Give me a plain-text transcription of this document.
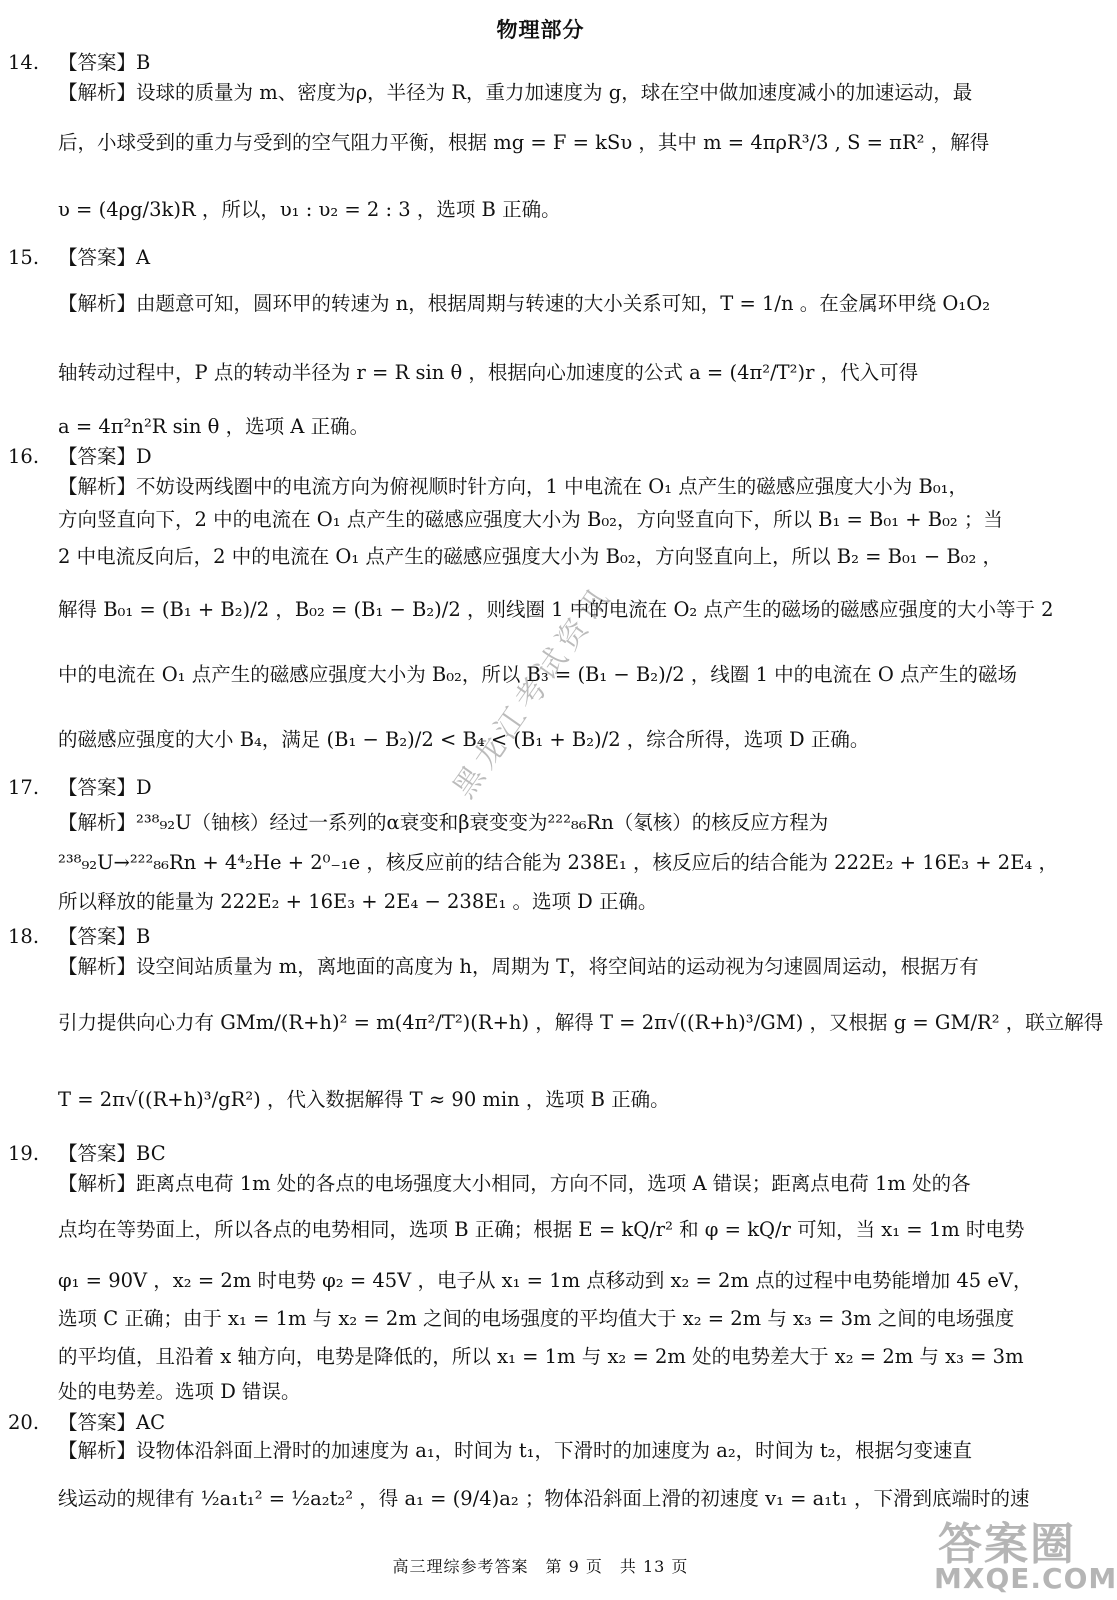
物理部分
14. 【答案】B
【解析】设球的质量为 m、密度为ρ，半径为 R，重力加速度为 g，球在空中做加速度减小的加速运动，最
后，小球受到的重力与受到的空气阻力平衡，根据 mg = F = kSυ ，其中 m = 4πρR³/3 , S = πR² ，解得
υ = (4ρg/3k)R ，所以，υ₁ : υ₂ = 2 : 3 ，选项 B 正确。
15. 【答案】A
【解析】由题意可知，圆环甲的转速为 n，根据周期与转速的大小关系可知，T = 1/n 。在金属环甲绕 O₁O₂
轴转动过程中，P 点的转动半径为 r = R sin θ ，根据向心加速度的公式 a = (4π²/T²)r ，代入可得
a = 4π²n²R sin θ ，选项 A 正确。
16. 【答案】D
【解析】不妨设两线圈中的电流方向为俯视顺时针方向，1 中电流在 O₁ 点产生的磁感应强度大小为 B₀₁，
方向竖直向下，2 中的电流在 O₁ 点产生的磁感应强度大小为 B₀₂，方向竖直向下，所以 B₁ = B₀₁ + B₀₂ ；当
2 中电流反向后，2 中的电流在 O₁ 点产生的磁感应强度大小为 B₀₂，方向竖直向上，所以 B₂ = B₀₁ − B₀₂ ，
解得 B₀₁ = (B₁ + B₂)/2 ，B₀₂ = (B₁ − B₂)/2 ，则线圈 1 中的电流在 O₂ 点产生的磁场的磁感应强度的大小等于 2
中的电流在 O₁ 点产生的磁感应强度大小为 B₀₂，所以 B₃ = (B₁ − B₂)/2 ，线圈 1 中的电流在 O 点产生的磁场
的磁感应强度的大小 B₄，满足 (B₁ − B₂)/2 < B₄ < (B₁ + B₂)/2 ，综合所得，选项 D 正确。
17. 【答案】D
【解析】²³⁸₉₂U（铀核）经过一系列的α衰变和β衰变变为²²²₈₆Rn（氡核）的核反应方程为
²³⁸₉₂U→²²²₈₆Rn + 4⁴₂He + 2⁰₋₁e ，核反应前的结合能为 238E₁ ，核反应后的结合能为 222E₂ + 16E₃ + 2E₄ ，
所以释放的能量为 222E₂ + 16E₃ + 2E₄ − 238E₁ 。选项 D 正确。
18. 【答案】B
【解析】设空间站质量为 m，离地面的高度为 h，周期为 T，将空间站的运动视为匀速圆周运动，根据万有
引力提供向心力有 GMm/(R+h)² = m(4π²/T²)(R+h) ，解得 T = 2π√((R+h)³/GM) ，又根据 g = GM/R² ，联立解得
T = 2π√((R+h)³/gR²) ，代入数据解得 T ≈ 90 min ，选项 B 正确。
19. 【答案】BC
【解析】距离点电荷 1m 处的各点的电场强度大小相同，方向不同，选项 A 错误；距离点电荷 1m 处的各
点均在等势面上，所以各点的电势相同，选项 B 正确；根据 E = kQ/r² 和 φ = kQ/r 可知，当 x₁ = 1m 时电势
φ₁ = 90V ，x₂ = 2m 时电势 φ₂ = 45V ，电子从 x₁ = 1m 点移动到 x₂ = 2m 点的过程中电势能增加 45 eV，
选项 C 正确；由于 x₁ = 1m 与 x₂ = 2m 之间的电场强度的平均值大于 x₂ = 2m 与 x₃ = 3m 之间的电场强度
的平均值，且沿着 x 轴方向，电势是降低的，所以 x₁ = 1m 与 x₂ = 2m 处的电势差大于 x₂ = 2m 与 x₃ = 3m
处的电势差。选项 D 错误。
20. 【答案】AC
【解析】设物体沿斜面上滑时的加速度为 a₁，时间为 t₁，下滑时的加速度为 a₂，时间为 t₂，根据匀变速直
线运动的规律有 ½a₁t₁² = ½a₂t₂² ，得 a₁ = (9/4)a₂ ；物体沿斜面上滑的初速度 v₁ = a₁t₁ ，下滑到底端时的速
高三理综参考答案　第 9 页　共 13 页
黑龙江考试资讯
答案圈
MXQE.COM
